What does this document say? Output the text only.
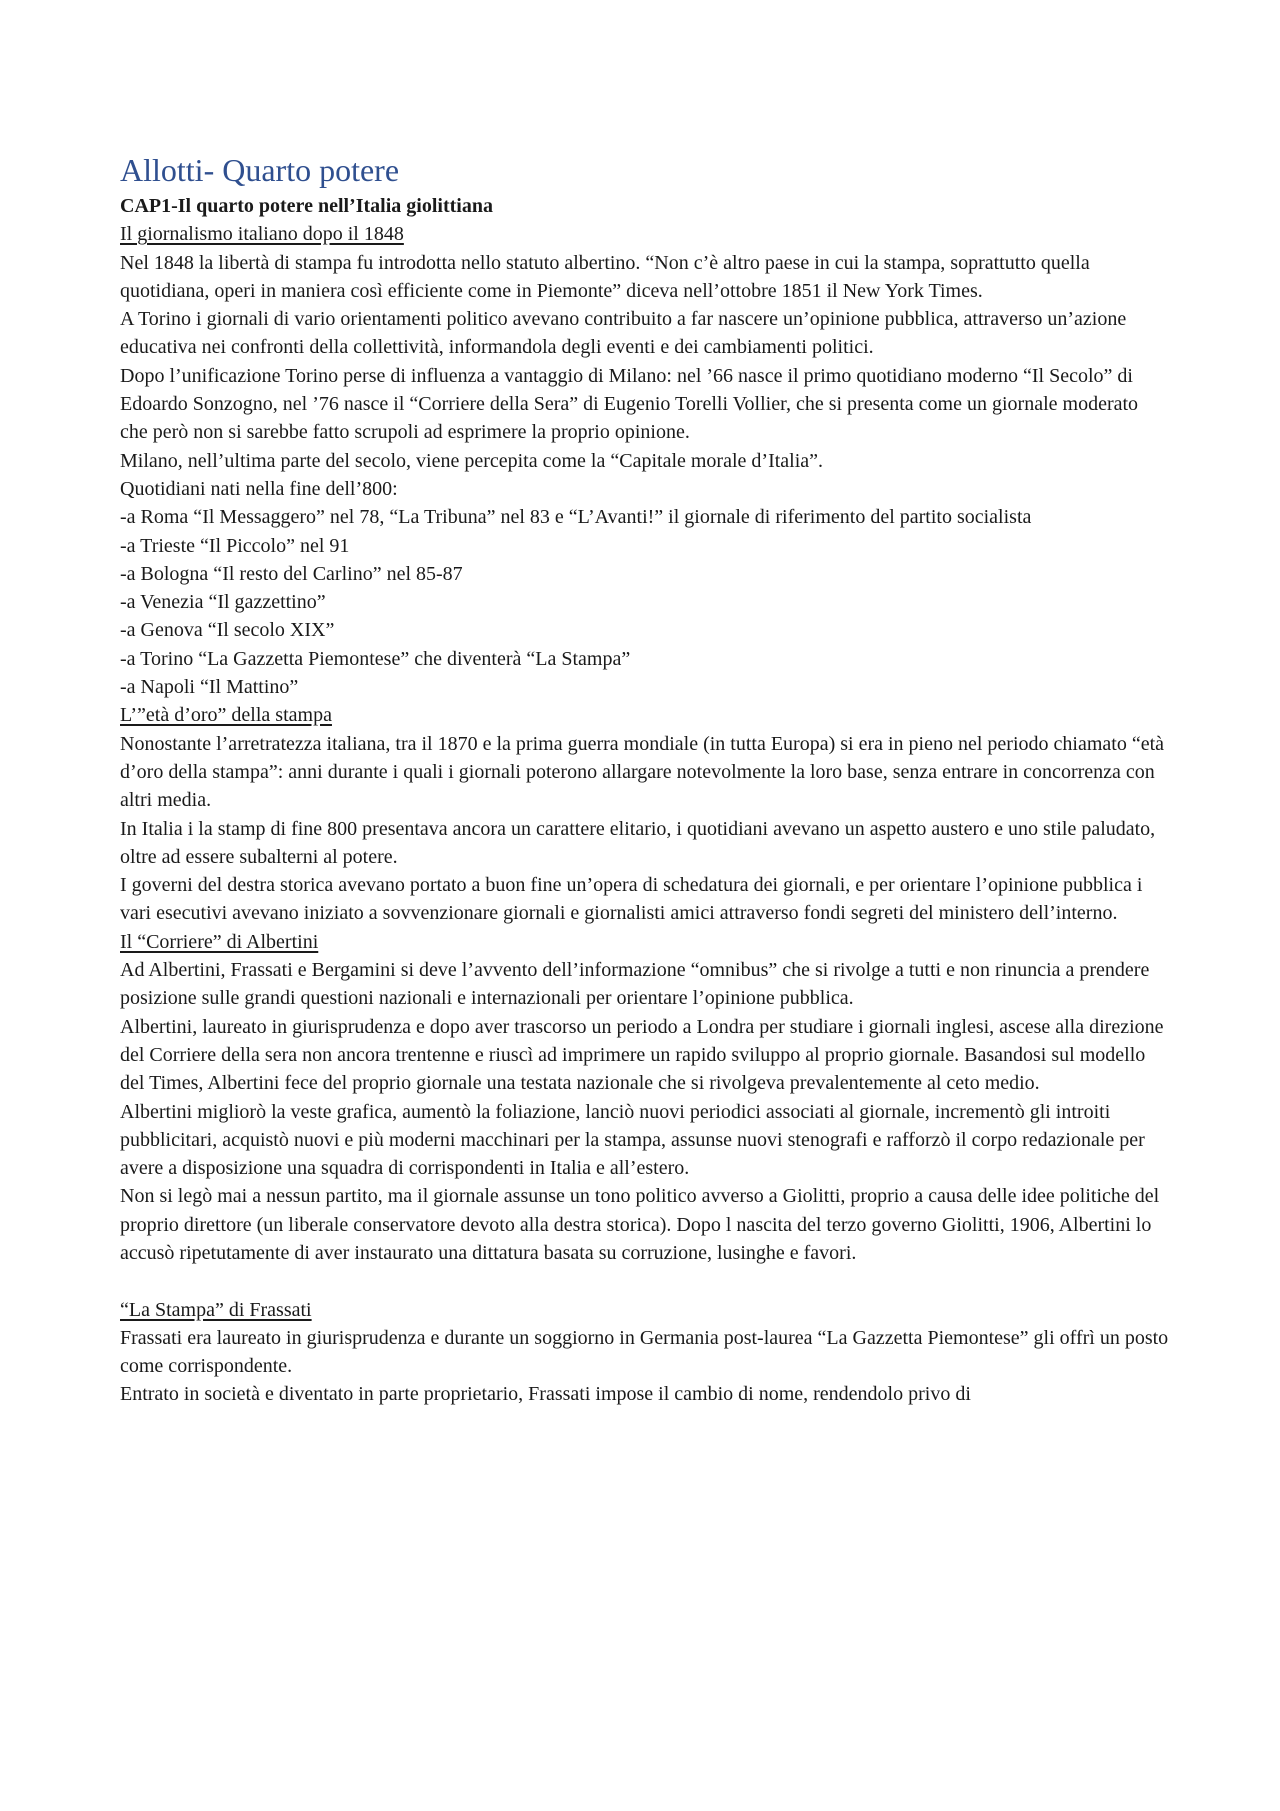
Allotti- Quarto potere

CAP1-Il quarto potere nell’Italia giolittiana

Il giornalismo italiano dopo il 1848

Nel 1848 la libertà di stampa fu introdotta nello statuto albertino. “Non c’è altro paese in cui la stampa, soprattutto quella quotidiana, operi in maniera così efficiente come in Piemonte” diceva nell’ottobre 1851 il New York Times.

A Torino i giornali di vario orientamenti politico avevano contribuito a far nascere un’opinione pubblica, attraverso un’azione educativa nei confronti della collettività, informandola degli eventi e dei cambiamenti politici.

Dopo l’unificazione Torino perse di influenza a vantaggio di Milano: nel ’66 nasce il primo quotidiano moderno “Il Secolo” di Edoardo Sonzogno, nel ’76 nasce il “Corriere della Sera” di Eugenio Torelli Vollier, che si presenta come un giornale moderato che però non si sarebbe fatto scrupoli ad esprimere la proprio opinione.

Milano, nell’ultima parte del secolo, viene percepita come la “Capitale morale d’Italia”.

Quotidiani nati nella fine dell’800:

-a Roma “Il Messaggero” nel 78, “La Tribuna” nel 83 e “L’Avanti!” il giornale di riferimento del partito socialista

-a Trieste “Il Piccolo” nel 91

-a Bologna “Il resto del Carlino” nel 85-87

-a Venezia “Il gazzettino”

-a Genova “Il secolo XIX”

-a Torino “La Gazzetta Piemontese” che diventerà “La Stampa”

-a Napoli “Il Mattino”

L’”età d’oro” della stampa

Nonostante l’arretratezza italiana, tra il 1870 e la prima guerra mondiale (in tutta Europa) si era in pieno nel periodo chiamato “età d’oro della stampa”: anni durante i quali i giornali poterono allargare notevolmente la loro base, senza entrare in concorrenza con altri media.

In Italia i la stamp di fine 800 presentava ancora un carattere elitario, i quotidiani avevano un aspetto austero e uno stile paludato, oltre ad essere subalterni al potere.

I governi del destra storica avevano portato a buon fine un’opera di schedatura dei giornali, e per orientare l’opinione pubblica i vari esecutivi avevano iniziato a sovvenzionare giornali e giornalisti amici attraverso fondi segreti del ministero dell’interno.

Il “Corriere” di Albertini

Ad Albertini, Frassati e Bergamini si deve l’avvento dell’informazione “omnibus” che si rivolge a tutti e non rinuncia a prendere posizione sulle grandi questioni nazionali e internazionali per orientare l’opinione pubblica.

Albertini, laureato in giurisprudenza e dopo aver trascorso un periodo a Londra per studiare i giornali inglesi, ascese alla direzione del Corriere della sera non ancora trentenne e riuscì ad imprimere un rapido sviluppo al proprio giornale. Basandosi sul modello del Times, Albertini fece del proprio giornale una testata nazionale che si rivolgeva prevalentemente al ceto medio.

Albertini migliorò la veste grafica, aumentò la foliazione, lanciò nuovi periodici associati al giornale, incrementò gli introiti pubblicitari, acquistò nuovi e più moderni macchinari per la stampa, assunse nuovi stenografi e rafforzò il corpo redazionale per avere a disposizione una squadra di corrispondenti in Italia e all’estero.

Non si legò mai a nessun partito, ma il giornale assunse un tono politico avverso a Giolitti, proprio a causa delle idee politiche del proprio direttore (un liberale conservatore devoto alla destra storica). Dopo l nascita del terzo governo Giolitti, 1906, Albertini lo accusò ripetutamente di aver instaurato una dittatura basata su corruzione, lusinghe e favori.

“La Stampa” di Frassati

Frassati era laureato in giurisprudenza e durante un soggiorno in Germania post-laurea “La Gazzetta Piemontese” gli offrì un posto come corrispondente.

Entrato in società e diventato in parte proprietario, Frassati impose il cambio di nome, rendendolo privo di
